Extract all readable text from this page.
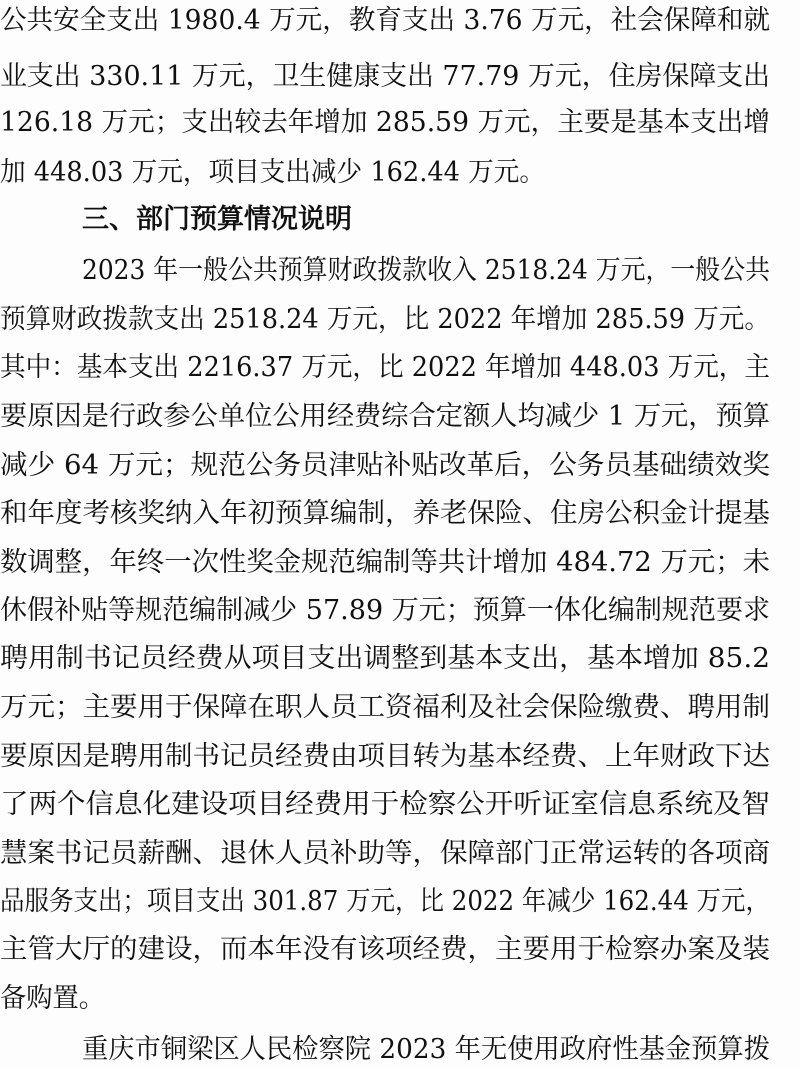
公共安全支出 1980.4 万元，教育支出 3.76 万元，社会保障和就
业支出 330.11 万元，卫生健康支出 77.79 万元，住房保障支出
126.18 万元；支出较去年增加 285.59 万元，主要是基本支出增
加 448.03 万元，项目支出减少 162.44 万元。
三、部门预算情况说明
2023 年一般公共预算财政拨款收入 2518.24 万元，一般公共
预算财政拨款支出 2518.24 万元，比 2022 年增加 285.59 万元。
其中：基本支出 2216.37 万元，比 2022 年增加 448.03 万元，主
要原因是行政参公单位公用经费综合定额人均减少 1 万元，预算
减少 64 万元；规范公务员津贴补贴改革后，公务员基础绩效奖
和年度考核奖纳入年初预算编制，养老保险、住房公积金计提基
数调整，年终一次性奖金规范编制等共计增加 484.72 万元；未
休假补贴等规范编制减少 57.89 万元；预算一体化编制规范要求
聘用制书记员经费从项目支出调整到基本支出，基本增加 85.2
万元；主要用于保障在职人员工资福利及社会保险缴费、聘用制
要原因是聘用制书记员经费由项目转为基本经费、上年财政下达
了两个信息化建设项目经费用于检察公开听证室信息系统及智
慧案书记员薪酬、退休人员补助等，保障部门正常运转的各项商
品服务支出；项目支出 301.87 万元，比 2022 年减少 162.44 万元，
主管大厅的建设，而本年没有该项经费，主要用于检察办案及装
备购置。
重庆市铜梁区人民检察院 2023 年无使用政府性基金预算拨
